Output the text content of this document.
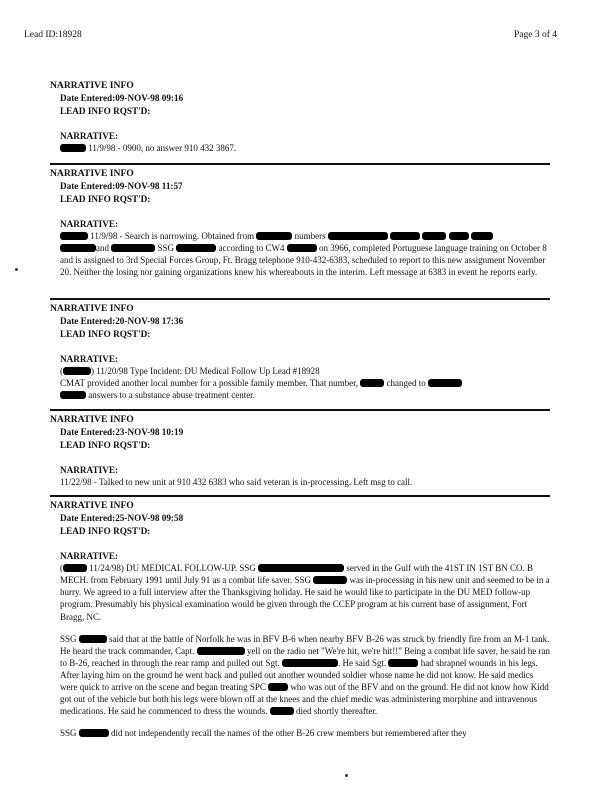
Lead ID:18928	Page 3 of 4
NARRATIVE INFO
Date Entered:09-NOV-98 09:16
LEAD INFO RQST'D:
NARRATIVE:

11/9/98 - 0900, no answer 910 432 3867.

NARRATIVE INFO
Date Entered:09-NOV-98 11:57
LEAD INFO RQST'D:
NARRATIVE:

11/9/98 - Search is narrowing. Obtained from	numbers
and	SSG	according to CW4	on 3966, completed Portuguese language training on October 8 and is assigned to 3rd Special Forces Group, Ft. Bragg telephone 910-432-6383, scheduled to report to this new assignment November 20. Neither the losing nor gaining organizations knew his whereabouts in the interim. Left message at 6383 in event he reports early.

NARRATIVE INFO
Date Entered:20-NOV-98 17:36
LEAD INFO RQST'D:
NARRATIVE:

(	) 11/20/98 Type Incident: DU Medical Follow Up Lead #18928
CMAT provided another local number for a possible family member. That number,	changed to
answers to a substance abuse treatment center.

NARRATIVE INFO
Date Entered:23-NOV-98 10:19
LEAD INFO RQST'D:
NARRATIVE:

11/22/98 - Talked to new unit at 910 432 6383 who said veteran is in-processing. Left msg to call.

NARRATIVE INFO
Date Entered:25-NOV-98 09:58
LEAD INFO RQST'D:
NARRATIVE:

(	11/24/98) DU MEDICAL FOLLOW-UP. SSG	served in the Gulf with the 41ST IN 1ST BN CO. B MECH. from February 1991 until July 91 as a combat life saver. SSG	was in-processing in his new unit and seemed to be in a hurry. We agreed to a full interview after the Thanksgiving holiday. He said he would like to participate in the DU MED follow-up program. Presumably his physical examination would be given through the CCEP program at his current base of assignment, Fort Bragg, NC.

SSG	said that at the battle of Norfolk he was in BFV B-6 when nearby BFV B-26 was struck by friendly fire from an M-1 tank. He heard the track commander, Capt.	yell on the radio net "We're hit, we're hit!!" Being a combat life saver, he said he ran to B-26, reached in through the rear ramp and pulled out Sgt.	. He said Sgt.	had shrapnel wounds in his legs. After laying him on the ground he went back and pulled out another wounded soldier whose name he did not know. He said medics were quick to arrive on the scene and began treating SPC  who was out of the BFV and on the ground. He did not know how Kidd got out of the vehicle but both his legs were blown off at the knees and the chief medic was administering morphine and intravenous medications. He said he commenced to dress the wounds.	died shortly thereafter.

SSG	did not independently recall the names of the other B-26 crew members but remembered after they
